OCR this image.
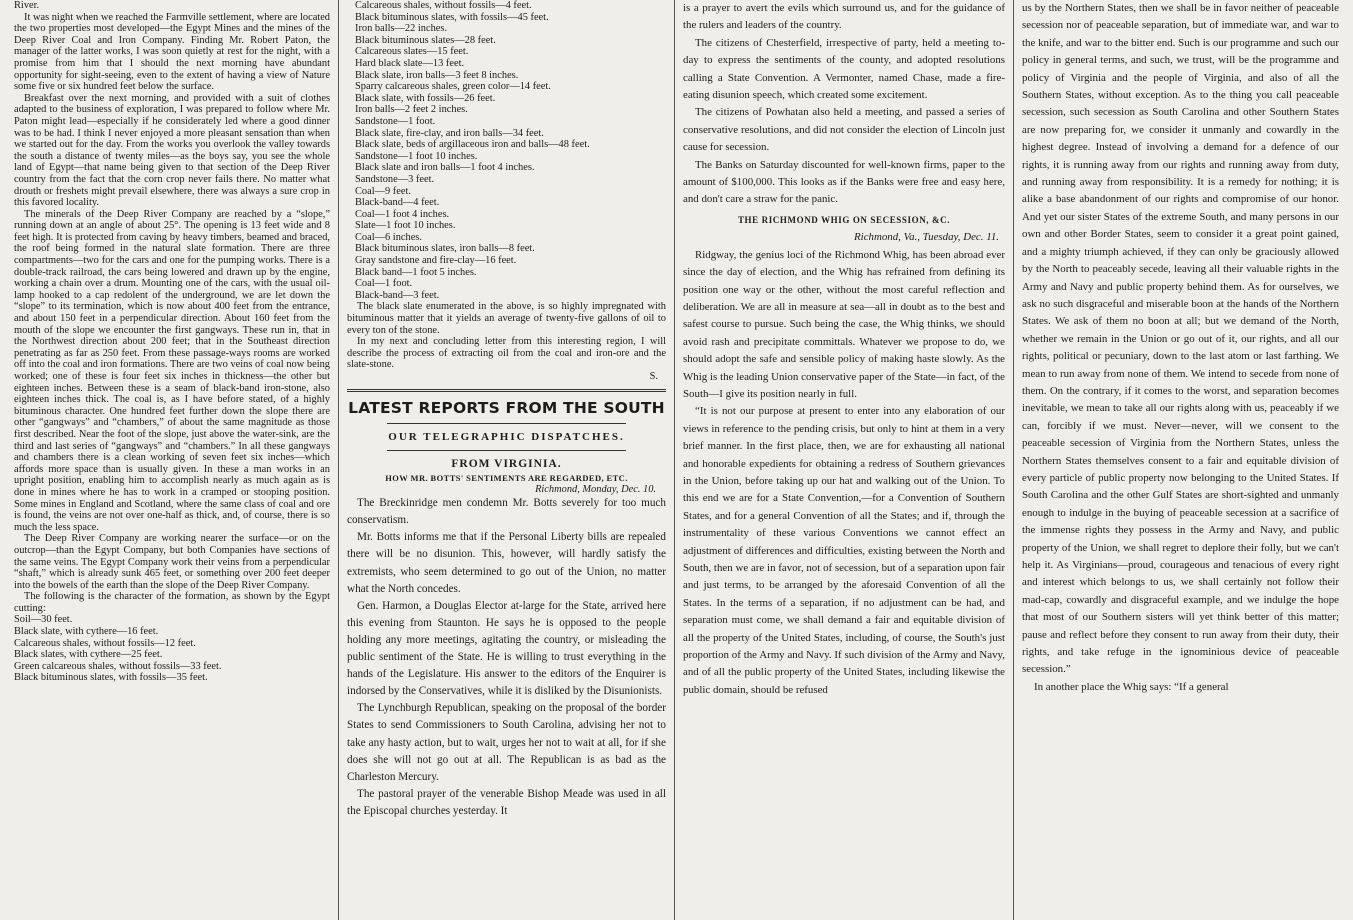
River.

It was night when we reached the Farmville settlement, where are located the two properties most developed—the Egypt Mines and the mines of the Deep River Coal and Iron Company. Finding Mr. Robert Paton, the manager of the latter works, I was soon quietly at rest for the night, with a promise from him that I should the next morning have abundant opportunity for sight-seeing, even to the extent of having a view of Nature some five or six hundred feet below the surface.

Breakfast over the next morning, and provided with a suit of clothes adapted to the business of exploration, I was prepared to follow where Mr. Paton might lead—especially if he considerately led where a good dinner was to be had. I think I never enjoyed a more pleasant sensation than when we started out for the day. From the works you overlook the valley towards the south a distance of twenty miles—as the boys say, you see the whole land of Egypt—that name being given to that section of the Deep River country from the fact that the corn crop never fails there. No matter what drouth or freshets might prevail elsewhere, there was always a sure crop in this favored locality.

The minerals of the Deep River Company are reached by a “slope,” running down at an angle of about 25°. The opening is 13 feet wide and 8 feet high. It is protected from caving by heavy timbers, beamed and braced, the roof being formed in the natural slate formation. There are three compartments—two for the cars and one for the pumping works. There is a double-track railroad, the cars being lowered and drawn up by the engine, working a chain over a drum. Mounting one of the cars, with the usual oil-lamp hooked to a cap redolent of the underground, we are let down the “slope” to its termination, which is now about 400 feet from the entrance, and about 150 feet in a perpendicular direction. About 160 feet from the mouth of the slope we encounter the first gangways. These run in, that in the Northwest direction about 200 feet; that in the Southeast direction penetrating as far as 250 feet. From these passage-ways rooms are worked off into the coal and iron formations. There are two veins of coal now being worked; one of these is four feet six inches in thickness—the other but eighteen inches. Between these is a seam of black-band iron-stone, also eighteen inches thick. The coal is, as I have before stated, of a highly bituminous character. One hundred feet further down the slope there are other “gangways” and “chambers,” of about the same magnitude as those first described. Near the foot of the slope, just above the water-sink, are the third and last series of “gangways” and “chambers.” In all these gangways and chambers there is a clean working of seven feet six inches—which affords more space than is usually given. In these a man works in an upright position, enabling him to accomplish nearly as much again as is done in mines where he has to work in a cramped or stooping position. Some mines in England and Scotland, where the same class of coal and ore is found, the veins are not over one-half as thick, and, of course, there is so much the less space.

The Deep River Company are working nearer the surface—or on the outcrop—than the Egypt Company, but both Companies have sections of the same veins. The Egypt Company work their veins from a perpendicular “shaft,” which is already sunk 465 feet, or something over 200 feet deeper into the bowels of the earth than the slope of the Deep River Company.

The following is the character of the formation, as shown by the Egypt cutting:

Soil—30 feet.
Black slate, with cythere—16 feet.
Calcareous shales, without fossils—12 feet.
Black slates, with cythere—25 feet.
Green calcareous shales, without fossils—33 feet.
Black bituminous slates, with fossils—35 feet.
Calcareous shales, without fossils—4 feet.
Black bituminous slates, with fossils—45 feet.
Iron balls—22 inches.
Black bituminous slates—28 feet.
Calcareous slates—15 feet.
Hard black slate—13 feet.
Black slate, iron balls—3 feet 8 inches.
Sparry calcareous shales, green color—14 feet.
Black slate, with fossils—26 feet.
Iron balls—2 feet 2 inches.
Sandstone—1 foot.
Black slate, fire-clay, and iron balls—34 feet.

Black slate, beds of argillaceous iron and balls—48 feet.

Sandstone—1 foot 10 inches.
Black slate and iron balls—1 foot 4 inches.
Sandstone—3 feet.
Coal—9 feet.
Black-band—4 feet.
Coal—1 foot 4 inches.
Slate—1 foot 10 inches.
Coal—6 inches.
Black bituminous slates, iron balls—8 feet.
Gray sandstone and fire-clay—16 feet.
Black band—1 foot 5 inches.
Coal—1 foot.
Black-band—3 feet.

The black slate enumerated in the above, is so highly impregnated with bituminous matter that it yields an average of twenty-five gallons of oil to every ton of the stone.

In my next and concluding letter from this interesting region, I will describe the process of extracting oil from the coal and iron-ore and the slate-stone.

S.
LATEST REPORTS FROM THE SOUTH
OUR TELEGRAPHIC DISPATCHES.
FROM VIRGINIA.
HOW MR. BOTTS' SENTIMENTS ARE REGARDED, ETC.
Richmond, Monday, Dec. 10.

The Breckinridge men condemn Mr. Botts severely for too much conservatism.

Mr. Botts informs me that if the Personal Liberty bills are repealed there will be no disunion. This, however, will hardly satisfy the extremists, who seem determined to go out of the Union, no matter what the North concedes.

Gen. Harmon, a Douglas Elector at-large for the State, arrived here this evening from Staunton. He says he is opposed to the people holding any more meetings, agitating the country, or misleading the public sentiment of the State. He is willing to trust everything in the hands of the Legislature. His answer to the editors of the Enquirer is indorsed by the Conservatives, while it is disliked by the Disunionists.

The Lynchburgh Republican, speaking on the proposal of the border States to send Commissioners to South Carolina, advising her not to take any hasty action, but to wait, urges her not to wait at all, for if she does she will not go out at all. The Republican is as bad as the Charleston Mercury.

The pastoral prayer of the venerable Bishop Meade was used in all the Episcopal churches yesterday. It

is a prayer to avert the evils which surround us, and for the guidance of the rulers and leaders of the country.

The citizens of Chesterfield, irrespective of party, held a meeting to-day to express the sentiments of the county, and adopted resolutions calling a State Convention. A Vermonter, named Chase, made a fire-eating disunion speech, which created some excitement.

The citizens of Powhatan also held a meeting, and passed a series of conservative resolutions, and did not consider the election of Lincoln just cause for secession.

The Banks on Saturday discounted for well-known firms, paper to the amount of $100,000. This looks as if the Banks were free and easy here, and don't care a straw for the panic.

THE RICHMOND WHIG ON SECESSION, &C.
Richmond, Va., Tuesday, Dec. 11.

Ridgway, the genius loci of the Richmond Whig, has been abroad ever since the day of election, and the Whig has refrained from defining its position one way or the other, without the most careful reflection and deliberation. We are all in measure at sea—all in doubt as to the best and safest course to pursue. Such being the case, the Whig thinks, we should avoid rash and precipitate committals. Whatever we propose to do, we should adopt the safe and sensible policy of making haste slowly. As the Whig is the leading Union conservative paper of the State—in fact, of the South—I give its position nearly in full.

“It is not our purpose at present to enter into any elaboration of our views in reference to the pending crisis, but only to hint at them in a very brief manner. In the first place, then, we are for exhausting all national and honorable expedients for obtaining a redress of Southern grievances in the Union, before taking up our hat and walking out of the Union. To this end we are for a State Convention,—for a Convention of Southern States, and for a general Convention of all the States; and if, through the instrumentality of these various Conventions we cannot effect an adjustment of differences and difficulties, existing between the North and South, then we are in favor, not of secession, but of a separation upon fair and just terms, to be arranged by the aforesaid Convention of all the States. In the terms of a separation, if no adjustment can be had, and separation must come, we shall demand a fair and equitable division of all the property of the United States, including, of course, the South's just proportion of the Army and Navy. If such division of the Army and Navy, and of all the public property of the United States, including likewise the public domain, should be refused

us by the Northern States, then we shall be in favor neither of peaceable secession nor of peaceable separation, but of immediate war, and war to the knife, and war to the bitter end. Such is our programme and such our policy in general terms, and such, we trust, will be the programme and policy of Virginia and the people of Virginia, and also of all the Southern States, without exception. As to the thing you call peaceable secession, such secession as South Carolina and other Southern States are now preparing for, we consider it unmanly and cowardly in the highest degree. Instead of involving a demand for a defence of our rights, it is running away from our rights and running away from duty, and running away from responsibility. It is a remedy for nothing; it is alike a base abandonment of our rights and compromise of our honor. And yet our sister States of the extreme South, and many persons in our own and other Border States, seem to consider it a great point gained, and a mighty triumph achieved, if they can only be graciously allowed by the North to peaceably secede, leaving all their valuable rights in the Army and Navy and public property behind them. As for ourselves, we ask no such disgraceful and miserable boon at the hands of the Northern States. We ask of them no boon at all; but we demand of the North, whether we remain in the Union or go out of it, our rights, and all our rights, political or pecuniary, down to the last atom or last farthing. We mean to run away from none of them. We intend to secede from none of them. On the contrary, if it comes to the worst, and separation becomes inevitable, we mean to take all our rights along with us, peaceably if we can, forcibly if we must. Never—never, will we consent to the peaceable secession of Virginia from the Northern States, unless the Northern States themselves consent to a fair and equitable division of every particle of public property now belonging to the United States. If South Carolina and the other Gulf States are short-sighted and unmanly enough to indulge in the buying of peaceable secession at a sacrifice of the immense rights they possess in the Army and Navy, and public property of the Union, we shall regret to deplore their folly, but we can't help it. As Virginians—proud, courageous and tenacious of every right and interest which belongs to us, we shall certainly not follow their mad-cap, cowardly and disgraceful example, and we indulge the hope that most of our Southern sisters will yet think better of this matter; pause and reflect before they consent to run away from their duty, their rights, and take refuge in the ignominious device of peaceable secession.”

In another place the Whig says: “If a general
